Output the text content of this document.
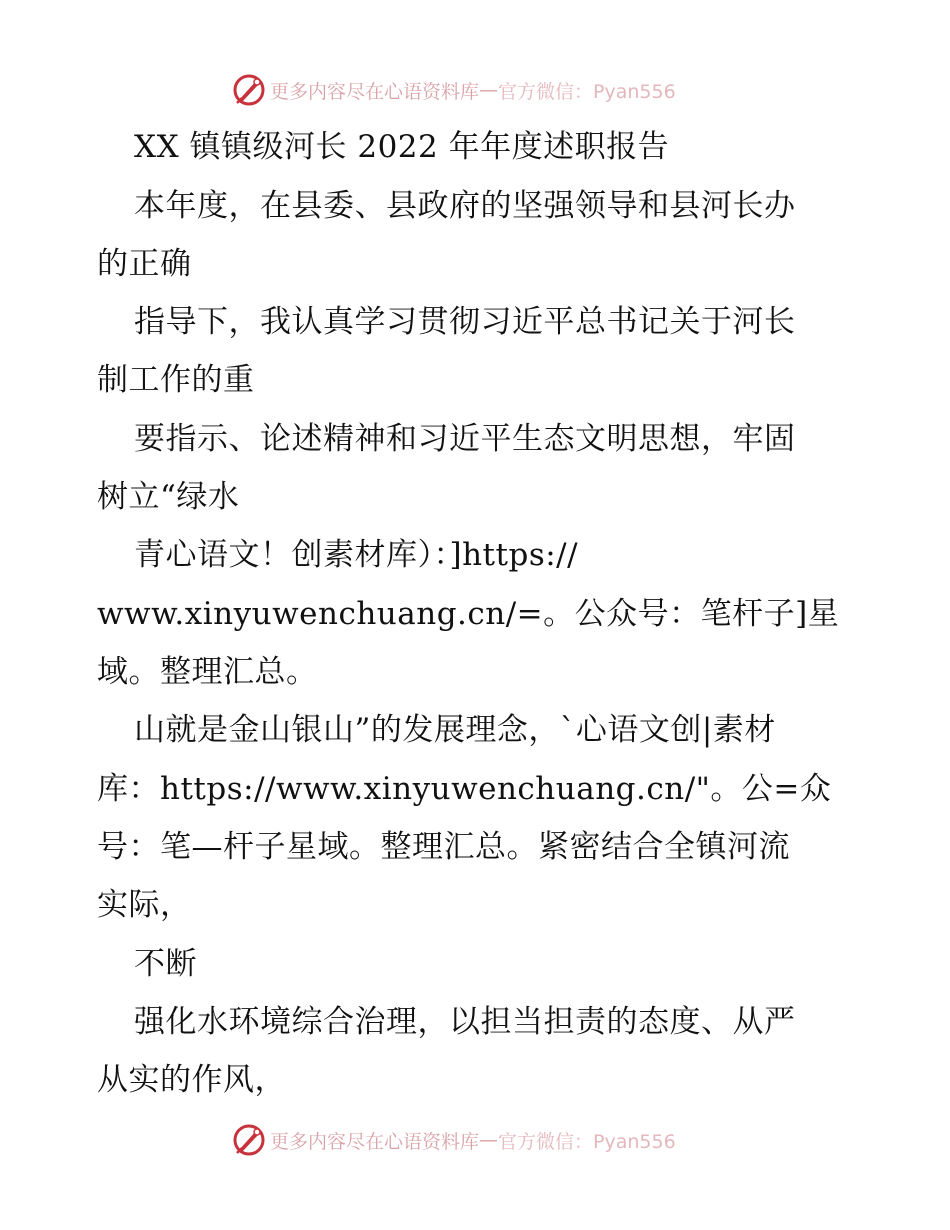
更多内容尽在心语资料库 — 官方微信：Pyan556
XX 镇镇级河长 2022 年年度述职报告
本年度，在县委、县政府的坚强领导和县河长办
的正确
指导下，我认真学习贯彻习近平总书记关于河长
制工作的重
要指示、论述精神和习近平生态文明思想，牢固
树立“绿水
青心语文！创素材库）：]https://
www.xinyuwenchuang.cn/=。公众号：笔杆子]星
域。整理汇总。
山就是金山银山”的发展理念，`心语文创|素材
库：https://www.xinyuwenchuang.cn/"。公=众
号：笔—杆子星域。整理汇总。紧密结合全镇河流
实际，
不断
强化水环境综合治理，以担当担责的态度、从严
从实的作风，
更多内容尽在心语资料库 — 官方微信：Pyan556
